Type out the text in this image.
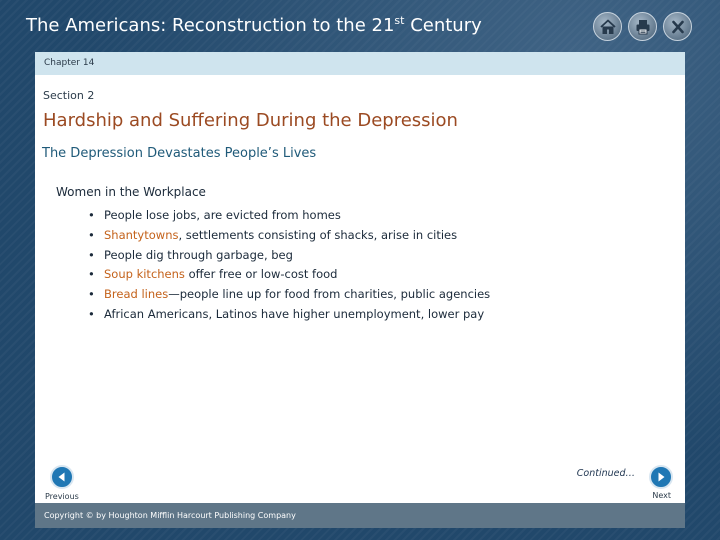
The Americans: Reconstruction to the 21st Century
Chapter 14
Section 2
Hardship and Suffering During the Depression
The Depression Devastates People’s Lives
Women in the Workplace
• People lose jobs, are evicted from homes
• Shantytowns, settlements consisting of shacks, arise in cities
• People dig through garbage, beg
• Soup kitchens offer free or low-cost food
• Bread lines—people line up for food from charities, public agencies
• African Americans, Latinos have higher unemployment, lower pay
Continued…
Previous	Next
Copyright © by Houghton Mifflin Harcourt Publishing Company
